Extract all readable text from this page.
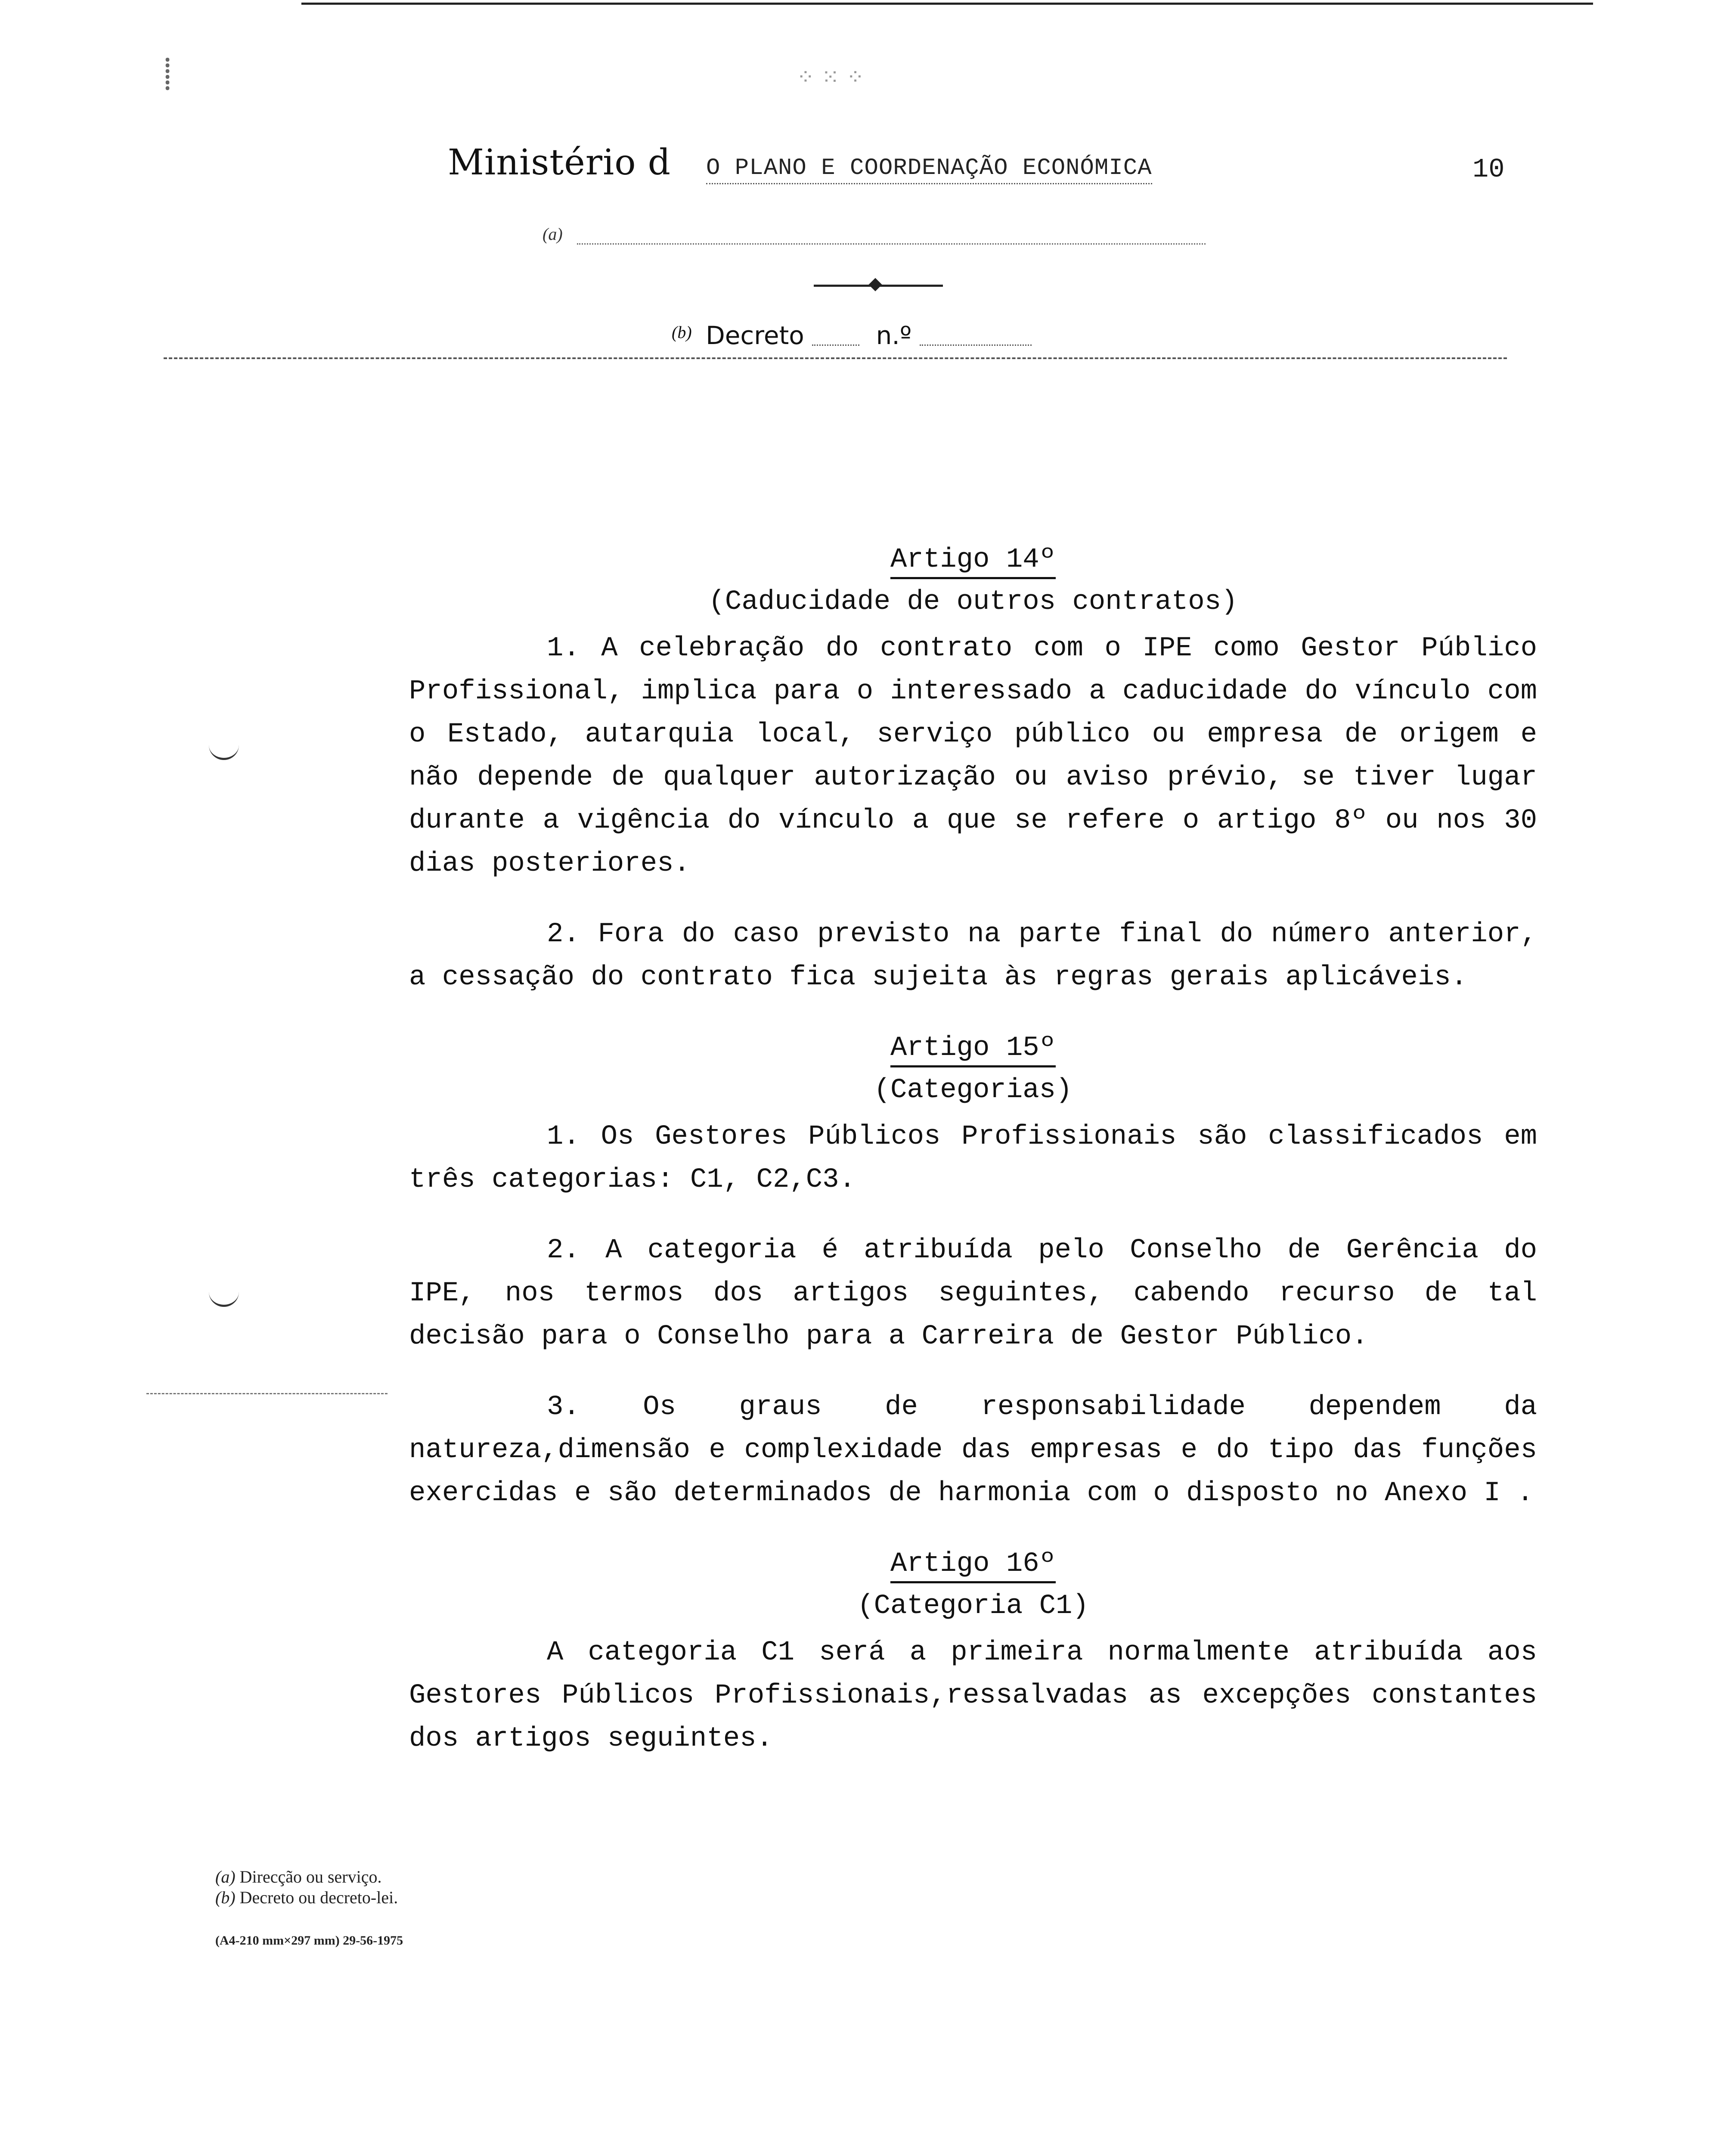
⸽	⁘ ⁙ ⁘
Ministério d O PLANO E COORDENAÇÃO ECONÓMICA	10
(a)
$^{(b)}$ Decreto	n.º
Artigo 14º
(Caducidade de outros contratos)

1. A celebração do contrato com o IPE como Gestor Público Profissional, implica para o interessado a caducidade do vínculo com o Estado, autarquia local, serviço público ou empresa de origem e não depende de qualquer autorização ou aviso prévio, se tiver lugar durante a vigência do vínculo a que se refere o artigo 8º ou nos 30 dias posteriores.

2. Fora do caso previsto na parte final do número anterior, a cessação do contrato fica sujeita às regras gerais aplicáveis.

Artigo 15º
(Categorias)

1. Os Gestores Públicos Profissionais são classificados em três categorias: C1, C2,C3.

2. A categoria é atribuída pelo Conselho de Gerência do IPE, nos termos dos artigos seguintes, cabendo recurso de tal decisão para o Conselho para a Carreira de Gestor Público.

3. Os graus de responsabilidade dependem da natureza,dimensão e complexidade das empresas e do tipo das funções exercidas e são determinados de harmonia com o disposto no Anexo I .

Artigo 16º
(Categoria C1)

A categoria C1 será a primeira normalmente atribuída aos Gestores Públicos Profissionais,ressalvadas as excepções constantes dos artigos seguintes.

(a) Direcção ou serviço.
(b) Decreto ou decreto-lei.
(A4-210 mm×297 mm) 29-56-1975
